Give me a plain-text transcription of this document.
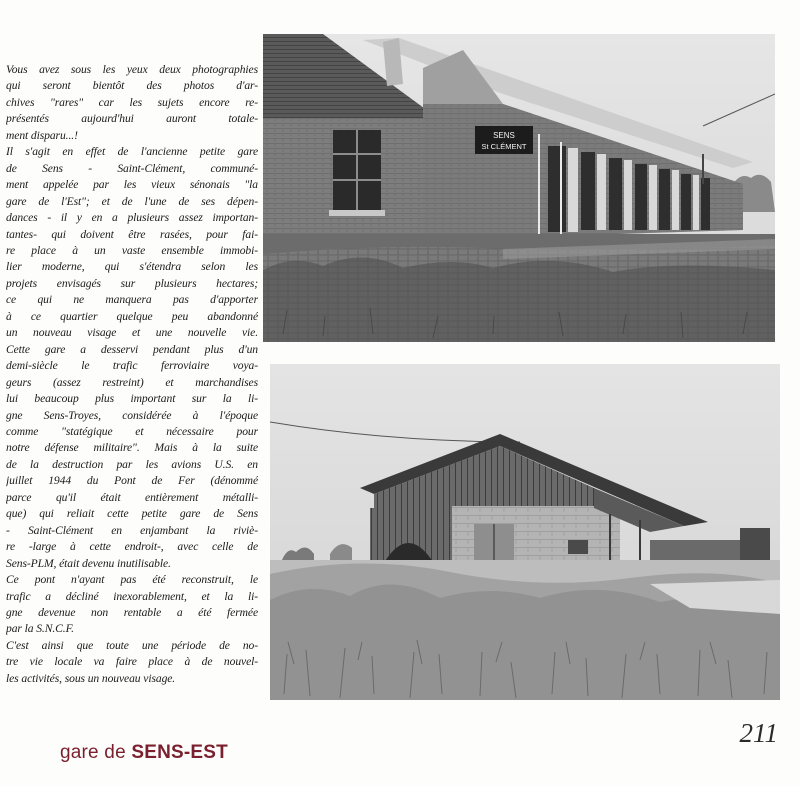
Vous avez sous les yeux deux photographies
qui seront bientôt des photos d'ar-
chives "rares" car les sujets encore re-
présentés aujourd'hui auront totale-
ment disparu...!
Il s'agit en effet de l'ancienne petite gare
de Sens - Saint-Clément, communé-
ment appelée par les vieux sénonais "la
gare de l'Est"; et de l'une de ses dépen-
dances - il y en a plusieurs assez importan-
tantes- qui doivent être rasées, pour fai-
re place à un vaste ensemble immobi-
lier moderne, qui s'étendra selon les
projets envisagés sur plusieurs hectares;
ce qui ne manquera pas d'apporter
à ce quartier quelque peu abandonné
un nouveau visage et une nouvelle vie.
Cette gare a desservi pendant plus d'un
demi-siècle le trafic ferroviaire voya-
geurs (assez restreint) et marchandises
lui beaucoup plus important sur la li-
gne Sens-Troyes, considérée à l'époque
comme "statégique et nécessaire pour
notre défense militaire". Mais à la suite
de la destruction par les avions U.S. en
juillet 1944 du Pont de Fer (dénommé
parce qu'il était entièrement métalli-
que) qui reliait cette petite gare de Sens
- Saint-Clément en enjambant la riviè-
re -large à cette endroit-, avec celle de
Sens-PLM, était devenu inutilisable.
Ce pont n'ayant pas été reconstruit, le
trafic a décliné inexorablement, et la li-
gne devenue non rentable a été fermée
par la S.N.C.F.
C'est ainsi que toute une période de no-
tre vie locale va faire place à de nouvel-
les activités, sous un nouveau visage.
SENS
St CLÉMENT
211
gare de SENS-EST
